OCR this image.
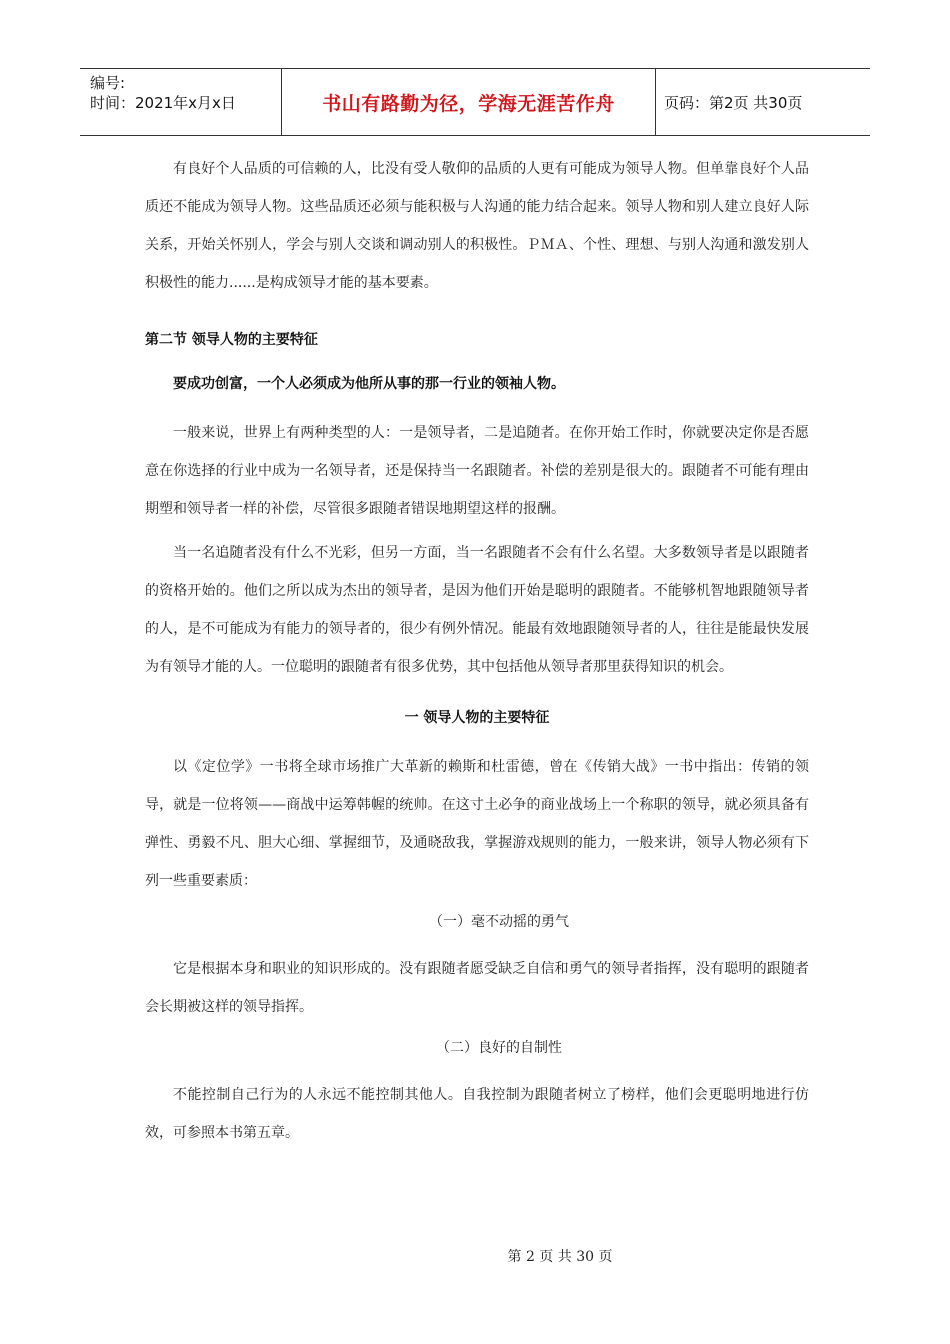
编号:
时间：2021年x月x日	书山有路勤为径，学海无涯苦作舟	页码：第2页 共30页

有良好个人品质的可信赖的人，比没有受人敬仰的品质的人更有可能成为领导人物。但单靠良好个人品质还不能成为领导人物。这些品质还必须与能积极与人沟通的能力结合起来。领导人物和别人建立良好人际关系，开始关怀别人，学会与别人交谈和调动别人的积极性。ＰＭＡ、个性、理想、与别人沟通和激发别人积极性的能力......是构成领导才能的基本要素。

第二节 领导人物的主要特征
要成功创富，一个人必须成为他所从事的那一行业的领袖人物。

一般来说，世界上有两种类型的人：一是领导者，二是追随者。在你开始工作时，你就要决定你是否愿意在你选择的行业中成为一名领导者，还是保持当一名跟随者。补偿的差别是很大的。跟随者不可能有理由期塑和领导者一样的补偿，尽管很多跟随者错误地期望这样的报酬。

当一名追随者没有什么不光彩，但另一方面，当一名跟随者不会有什么名望。大多数领导者是以跟随者的资格开始的。他们之所以成为杰出的领导者，是因为他们开始是聪明的跟随者。不能够机智地跟随领导者的人，是不可能成为有能力的领导者的，很少有例外情况。能最有效地跟随领导者的人，往往是能最快发展为有领导才能的人。一位聪明的跟随者有很多优势，其中包括他从领导者那里获得知识的机会。

一 领导人物的主要特征

以《定位学》一书将全球市场推广大革新的赖斯和杜雷德，曾在《传销大战》一书中指出：传销的领导，就是一位将领——商战中运筹韩幄的统帅。在这寸土必争的商业战场上一个称职的领导，就必须具备有弹性、勇毅不凡、胆大心细、掌握细节，及通晓敌我，掌握游戏规则的能力，一般来讲，领导人物必须有下列一些重要素质：

（一）毫不动摇的勇气

它是根据本身和职业的知识形成的。没有跟随者愿受缺乏自信和勇气的领导者指挥，没有聪明的跟随者会长期被这样的领导指挥。

（二）良好的自制性

不能控制自己行为的人永远不能控制其他人。自我控制为跟随者树立了榜样，他们会更聪明地进行仿效，可参照本书第五章。

第 2 页 共 30 页
